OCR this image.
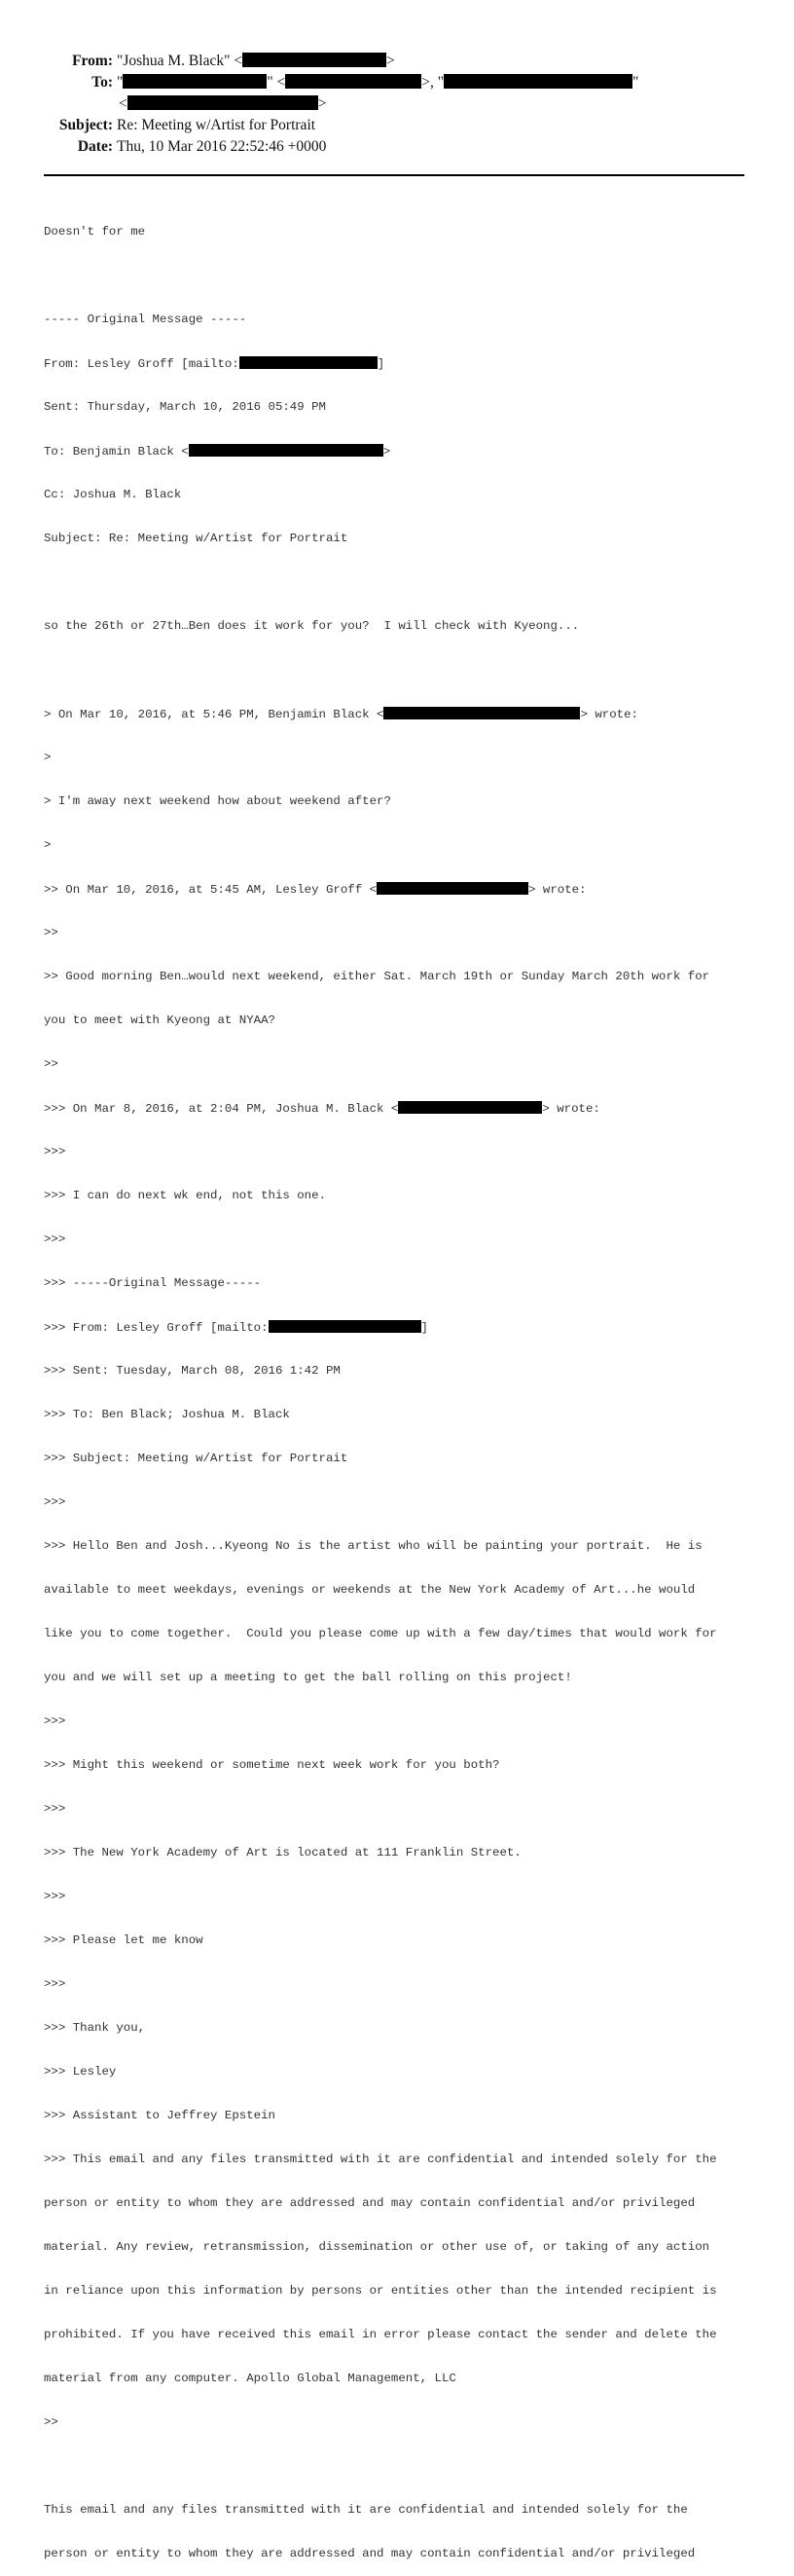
From: "Joshua M. Black" <	>
To: "	" <	>, "	"
<	>
Subject: Re: Meeting w/Artist for Portrait
Date: Thu, 10 Mar 2016 22:52:46 +0000

Doesn't for me

----- Original Message -----

From: Lesley Groff [mailto:	]

Sent: Thursday, March 10, 2016 05:49 PM

To: Benjamin Black <	>

Cc: Joshua M. Black

Subject: Re: Meeting w/Artist for Portrait

so the 26th or 27th…Ben does it work for you?  I will check with Kyeong...

> On Mar 10, 2016, at 5:46 PM, Benjamin Black <	> wrote:

>

> I'm away next weekend how about weekend after?

>

>> On Mar 10, 2016, at 5:45 AM, Lesley Groff <	> wrote:

>>

>> Good morning Ben…would next weekend, either Sat. March 19th or Sunday March 20th work for

you to meet with Kyeong at NYAA?

>>

>>> On Mar 8, 2016, at 2:04 PM, Joshua M. Black <	> wrote:

>>>

>>> I can do next wk end, not this one.

>>>

>>> -----Original Message-----

>>> From: Lesley Groff [mailto:	]

>>> Sent: Tuesday, March 08, 2016 1:42 PM

>>> To: Ben Black; Joshua M. Black

>>> Subject: Meeting w/Artist for Portrait

>>>

>>> Hello Ben and Josh...Kyeong No is the artist who will be painting your portrait.  He is

available to meet weekdays, evenings or weekends at the New York Academy of Art...he would

like you to come together.  Could you please come up with a few day/times that would work for

you and we will set up a meeting to get the ball rolling on this project!

>>>

>>> Might this weekend or sometime next week work for you both?

>>>

>>> The New York Academy of Art is located at 111 Franklin Street.

>>>

>>> Please let me know

>>>

>>> Thank you,

>>> Lesley

>>> Assistant to Jeffrey Epstein

>>> This email and any files transmitted with it are confidential and intended solely for the

person or entity to whom they are addressed and may contain confidential and/or privileged

material. Any review, retransmission, dissemination or other use of, or taking of any action

in reliance upon this information by persons or entities other than the intended recipient is

prohibited. If you have received this email in error please contact the sender and delete the

material from any computer. Apollo Global Management, LLC

>>

This email and any files transmitted with it are confidential and intended solely for the

person or entity to whom they are addressed and may contain confidential and/or privileged
